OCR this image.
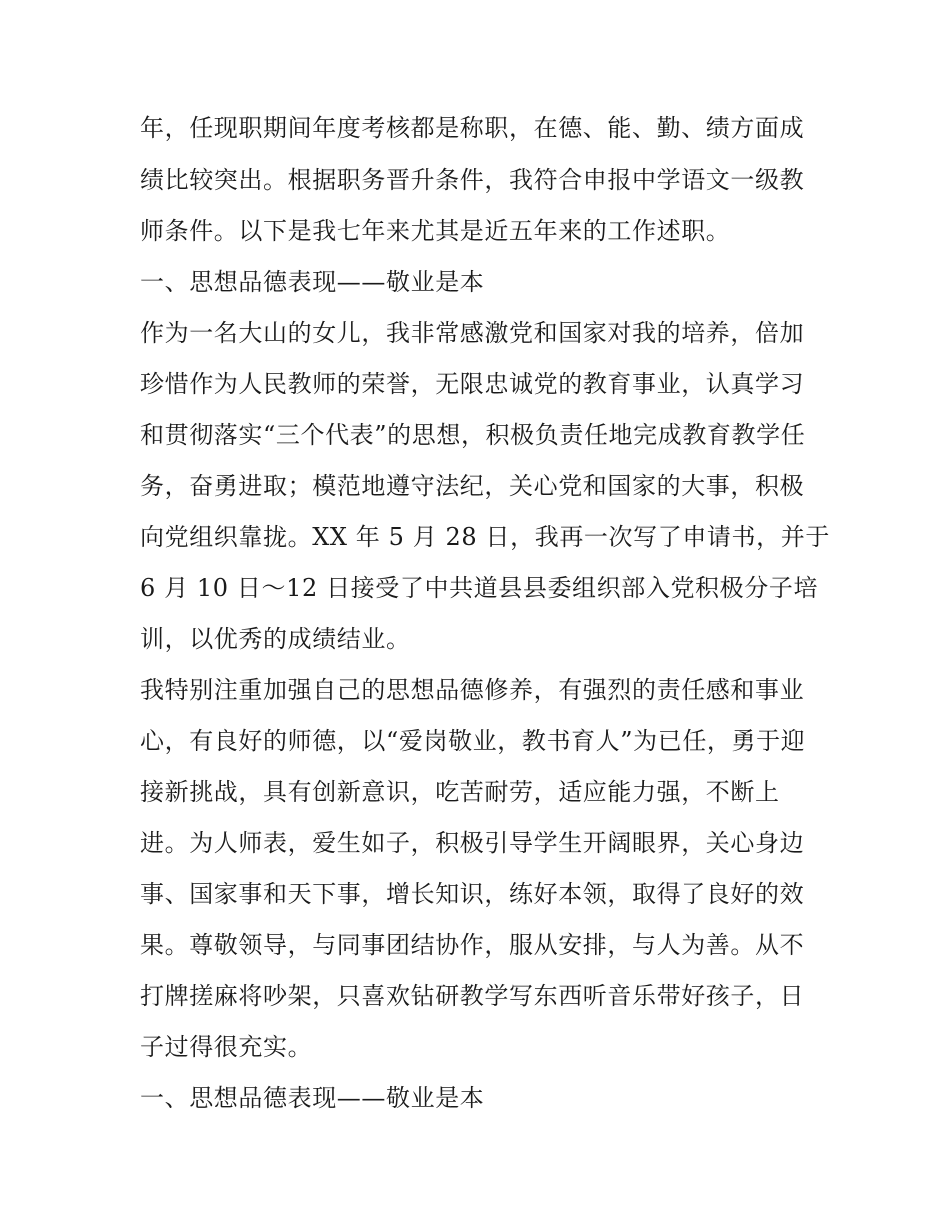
年，任现职期间年度考核都是称职，在德、能、勤、绩方面成
绩比较突出。根据职务晋升条件，我符合申报中学语文一级教
师条件。以下是我七年来尤其是近五年来的工作述职。
一、思想品德表现——敬业是本
作为一名大山的女儿，我非常感激党和国家对我的培养，倍加
珍惜作为人民教师的荣誉，无限忠诚党的教育事业，认真学习
和贯彻落实“三个代表”的思想，积极负责任地完成教育教学任
务，奋勇进取；模范地遵守法纪，关心党和国家的大事，积极
向党组织靠拢。XX 年 5 月 28 日，我再一次写了申请书，并于
6 月 10 日～12 日接受了中共道县县委组织部入党积极分子培
训，以优秀的成绩结业。
我特别注重加强自己的思想品德修养，有强烈的责任感和事业
心，有良好的师德，以“爱岗敬业，教书育人”为已任，勇于迎
接新挑战，具有创新意识，吃苦耐劳，适应能力强，不断上
进。为人师表，爱生如子，积极引导学生开阔眼界，关心身边
事、国家事和天下事，增长知识，练好本领，取得了良好的效
果。尊敬领导，与同事团结协作，服从安排，与人为善。从不
打牌搓麻将吵架，只喜欢钻研教学写东西听音乐带好孩子，日
子过得很充实。
一、思想品德表现——敬业是本
